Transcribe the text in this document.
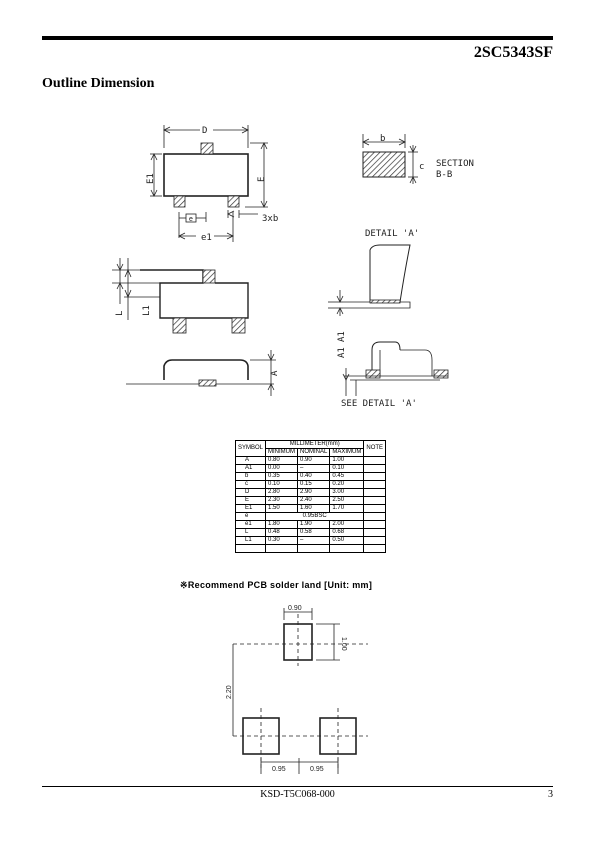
2SC5343SF
Outline Dimension
D
E1	E
3xb
e
e1
b
c SECTION
B-B
DETAIL 'A'
L L1
A
A1
A1
SEE DETAIL 'A'
0.90
1.00
2.20
0.95	0.95
SYMBOL	MILLIMETER(mm)			NOTE
	MINIMUM	NOMINAL	MAXIMUM	
A	0.80	0.90	1.00	
A1	0.00	–	0.10	
b	0.35	0.40	0.45	
c	0.10	0.15	0.20	
D	2.80	2.90	3.00	
E	2.30	2.40	2.50	
E1	1.50	1.60	1.70	
e	0.95BSC			
e1	1.80	1.90	2.00	
L	0.48	0.58	0.68	
L1	0.30	–	0.50	

※Recommend PCB solder land [Unit: mm]
KSD-T5C068-000	3
